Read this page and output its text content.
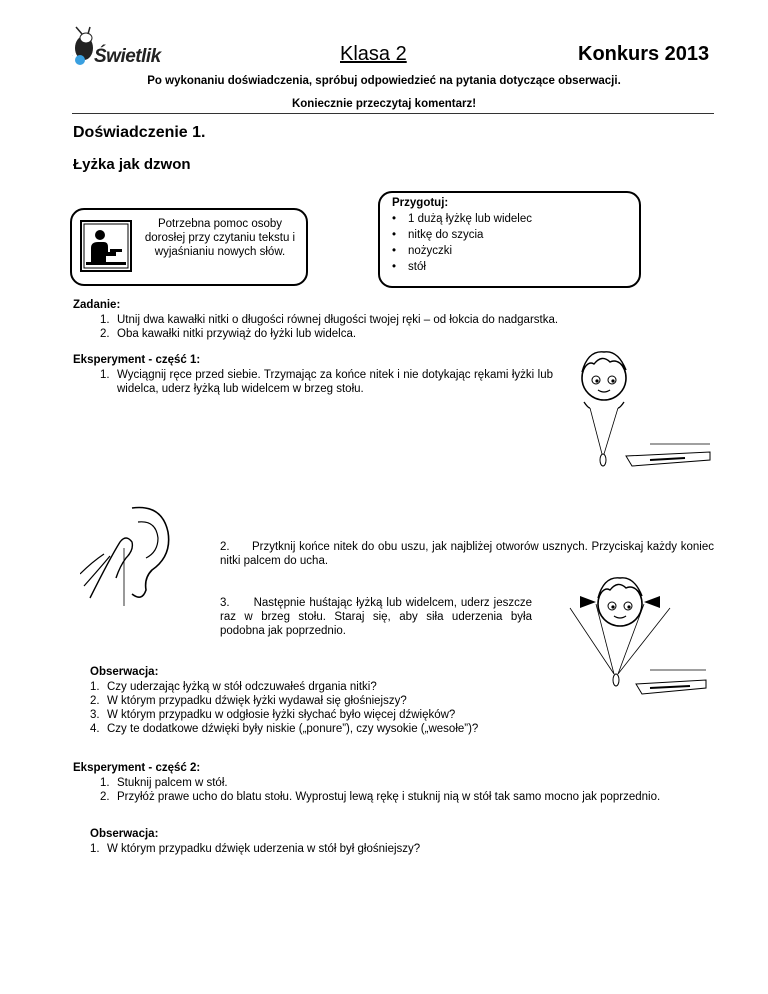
Świetlik	Klasa 2	Konkurs 2013
Po wykonaniu doświadczenia, spróbuj odpowiedzieć na pytania dotyczące obserwacji.
Koniecznie przeczytaj komentarz!
Doświadczenie 1.
Łyżka jak dzwon
Potrzebna pomoc osoby dorosłej przy czytaniu tekstu i wyjaśnianiu nowych słów.
Przygotuj:
• 1 dużą łyżkę lub widelec
• nitkę do szycia
• nożyczki
• stół
Zadanie:
1. Utnij dwa kawałki nitki o długości równej długości twojej ręki – od łokcia do nadgarstka.
2. Oba kawałki nitki przywiąż do łyżki lub widelca.
Eksperyment - część 1:
1. Wyciągnij ręce przed siebie. Trzymając za końce nitek i nie dotykając rękami łyżki lub widelca, uderz łyżką lub widelcem w brzeg stołu.
2. Przytknij końce nitek do obu uszu, jak najbliżej otworów usznych. Przyciskaj każdy koniec nitki palcem do ucha.
3. Następnie huśtając łyżką lub widelcem, uderz jeszcze raz w brzeg stołu. Staraj się, aby siła uderzenia była podobna jak poprzednio.
Obserwacja:
1. Czy uderzając łyżką w stół odczuwałeś drgania nitki?
2. W którym przypadku dźwięk łyżki wydawał się głośniejszy?
3. W którym przypadku w odgłosie łyżki słychać było więcej dźwięków?
4. Czy te dodatkowe dźwięki były niskie („ponure”), czy wysokie („wesołe”)?
Eksperyment - część 2:
1. Stuknij palcem w stół.
2. Przyłóż prawe ucho do blatu stołu. Wyprostuj lewą rękę i stuknij nią w stół tak samo mocno jak poprzednio.
Obserwacja:
1. W którym przypadku dźwięk uderzenia w stół był głośniejszy?
